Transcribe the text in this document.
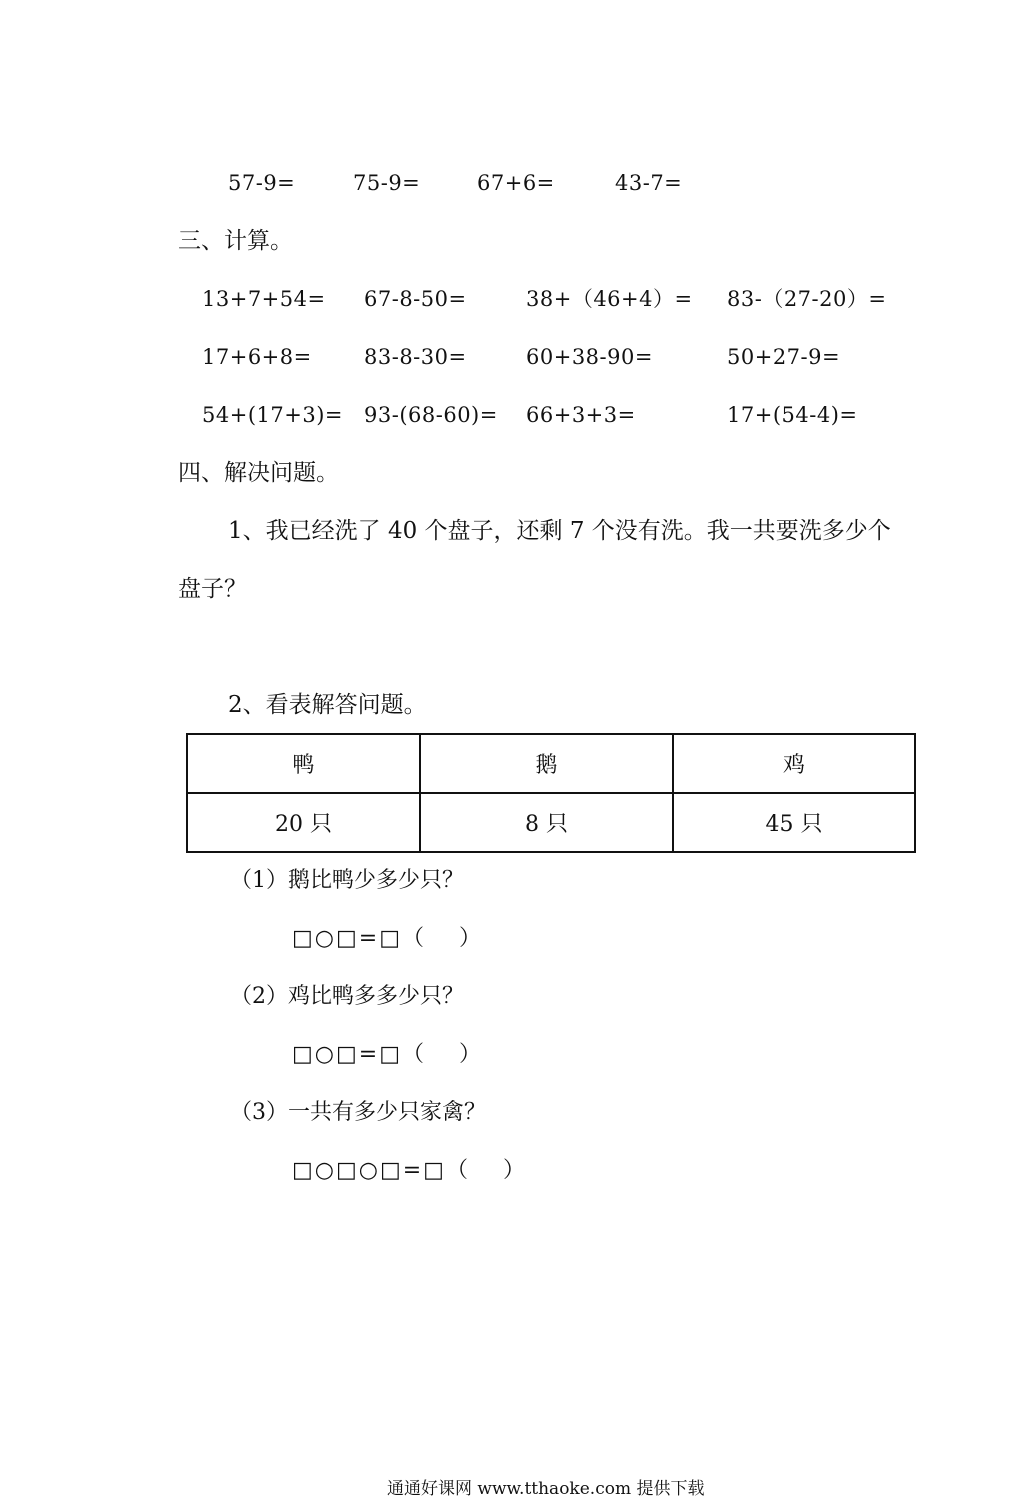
57-9=	75-9=	67+6=	43-7=
三、计算。
13+7+54= 67-8-50=	38+（46+4）= 83-（27-20）=
17+6+8= 83-8-30=	60+38-90=	50+27-9=
54+(17+3)= 93-(68-60)= 66+3+3=	17+(54-4)=
四、解决问题。
1、我已经洗了 40 个盘子，还剩 7 个没有洗。我一共要洗多少个
盘子？
2、看表解答问题。
鸭	鹅	鸡
20 只	8 只	45 只
（1）鹅比鸭少多少只？
□○□=□（　 ）
（2）鸡比鸭多多少只？
□○□=□（　 ）
（3）一共有多少只家禽？
□○□○□=□（　 ）
通通好课网 www.tthaoke.com 提供下载
